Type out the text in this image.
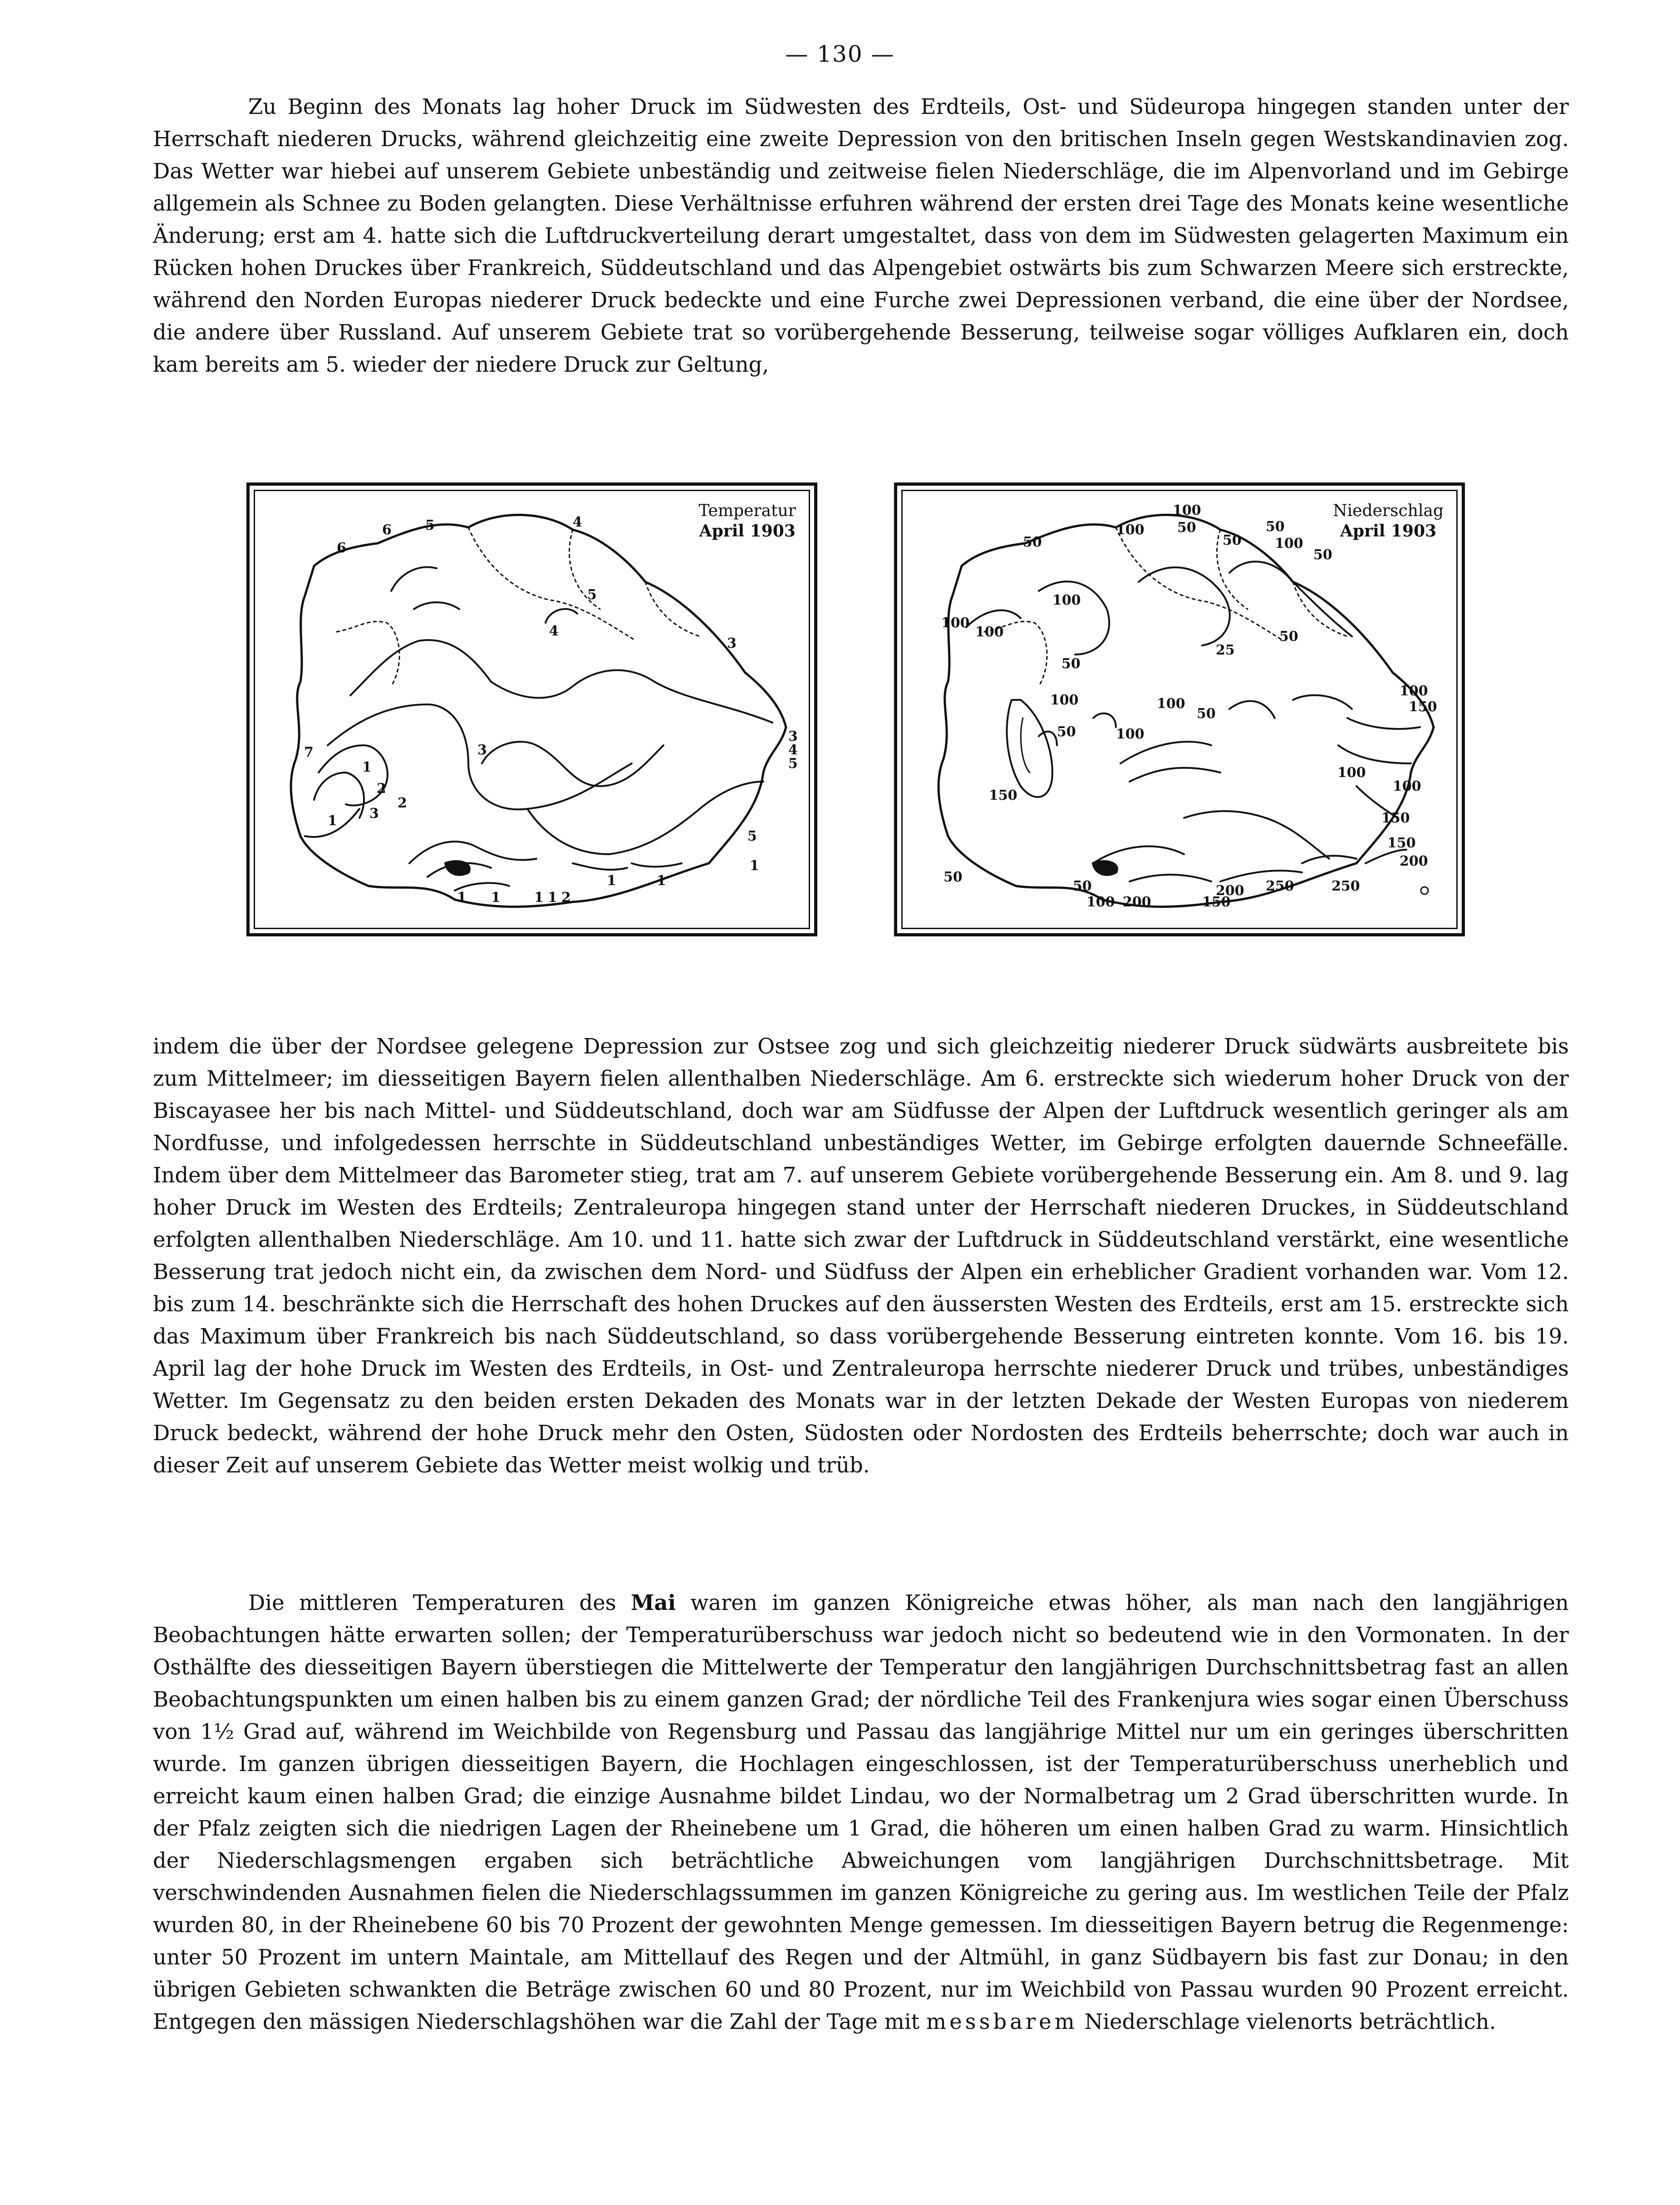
— 130 —
Zu Beginn des Monats lag hoher Druck im Südwesten des Erdteils, Ost- und Südeuropa hingegen standen unter der Herrschaft niederen Drucks, während gleichzeitig eine zweite Depression von den britischen Inseln gegen Westskandinavien zog. Das Wetter war hiebei auf unserem Gebiete unbeständig und zeitweise fielen Niederschläge, die im Alpenvorland und im Gebirge allgemein als Schnee zu Boden gelangten. Diese Verhältnisse erfuhren während der ersten drei Tage des Monats keine wesentliche Änderung; erst am 4. hatte sich die Luftdruckverteilung derart umgestaltet, dass von dem im Südwesten gelagerten Maximum ein Rücken hohen Druckes über Frankreich, Süddeutschland und das Alpengebiet ostwärts bis zum Schwarzen Meere sich erstreckte, während den Norden Europas niederer Druck bedeckte und eine Furche zwei Depressionen verband, die eine über der Nordsee, die andere über Russland. Auf unserem Gebiete trat so vorübergehende Besserung, teilweise sogar völliges Aufklaren ein, doch kam bereits am 5. wieder der niedere Druck zur Geltung,
6
6 5	4
5
4
3
3
4
5
7
1
2
3
2
1 3
1 1 1 1
1	1
2
5
1
Temperatur
April 1903
100
100 50
50
50
100
50
50
100
100
100	50
25
100
150
100
50
50
100
150
50	100
100
100
150
150
200
50
50
100 200
200
150
250	250
Niederschlag
April 1903
indem die über der Nordsee gelegene Depression zur Ostsee zog und sich gleichzeitig niederer Druck südwärts ausbreitete bis zum Mittelmeer; im diesseitigen Bayern fielen allenthalben Niederschläge. Am 6. erstreckte sich wiederum hoher Druck von der Biscayasee her bis nach Mittel- und Süddeutschland, doch war am Südfusse der Alpen der Luftdruck wesentlich geringer als am Nordfusse, und infolgedessen herrschte in Süddeutschland unbeständiges Wetter, im Gebirge erfolgten dauernde Schneefälle. Indem über dem Mittelmeer das Barometer stieg, trat am 7. auf unserem Gebiete vorübergehende Besserung ein. Am 8. und 9. lag hoher Druck im Westen des Erdteils; Zentraleuropa hingegen stand unter der Herrschaft niederen Druckes, in Süddeutschland erfolgten allenthalben Niederschläge. Am 10. und 11. hatte sich zwar der Luftdruck in Süddeutschland verstärkt, eine wesentliche Besserung trat jedoch nicht ein, da zwischen dem Nord- und Südfuss der Alpen ein erheblicher Gradient vorhanden war. Vom 12. bis zum 14. beschränkte sich die Herrschaft des hohen Druckes auf den äussersten Westen des Erdteils, erst am 15. erstreckte sich das Maximum über Frankreich bis nach Süddeutschland, so dass vorübergehende Besserung eintreten konnte. Vom 16. bis 19. April lag der hohe Druck im Westen des Erdteils, in Ost- und Zentraleuropa herrschte niederer Druck und trübes, unbeständiges Wetter. Im Gegensatz zu den beiden ersten Dekaden des Monats war in der letzten Dekade der Westen Europas von niederem Druck bedeckt, während der hohe Druck mehr den Osten, Südosten oder Nordosten des Erdteils beherrschte; doch war auch in dieser Zeit auf unserem Gebiete das Wetter meist wolkig und trüb.
Die mittleren Temperaturen des Mai waren im ganzen Königreiche etwas höher, als man nach den langjährigen Beobachtungen hätte erwarten sollen; der Temperaturüberschuss war jedoch nicht so bedeutend wie in den Vormonaten. In der Osthälfte des diesseitigen Bayern überstiegen die Mittelwerte der Temperatur den langjährigen Durchschnittsbetrag fast an allen Beobachtungspunkten um einen halben bis zu einem ganzen Grad; der nördliche Teil des Frankenjura wies sogar einen Überschuss von 1½ Grad auf, während im Weichbilde von Regensburg und Passau das langjährige Mittel nur um ein geringes überschritten wurde. Im ganzen übrigen diesseitigen Bayern, die Hochlagen eingeschlossen, ist der Temperaturüberschuss unerheblich und erreicht kaum einen halben Grad; die einzige Ausnahme bildet Lindau, wo der Normalbetrag um 2 Grad überschritten wurde. In der Pfalz zeigten sich die niedrigen Lagen der Rheinebene um 1 Grad, die höheren um einen halben Grad zu warm. Hinsichtlich der Niederschlagsmengen ergaben sich beträchtliche Abweichungen vom langjährigen Durchschnittsbetrage. Mit verschwindenden Ausnahmen fielen die Niederschlagssummen im ganzen Königreiche zu gering aus. Im westlichen Teile der Pfalz wurden 80, in der Rheinebene 60 bis 70 Prozent der gewohnten Menge gemessen. Im diesseitigen Bayern betrug die Regenmenge: unter 50 Prozent im untern Maintale, am Mittellauf des Regen und der Altmühl, in ganz Südbayern bis fast zur Donau; in den übrigen Gebieten schwankten die Beträge zwischen 60 und 80 Prozent, nur im Weichbild von Passau wurden 90 Prozent erreicht. Entgegen den mässigen Niederschlagshöhen war die Zahl der Tage mit messbarem Niederschlage vielenorts beträchtlich.
